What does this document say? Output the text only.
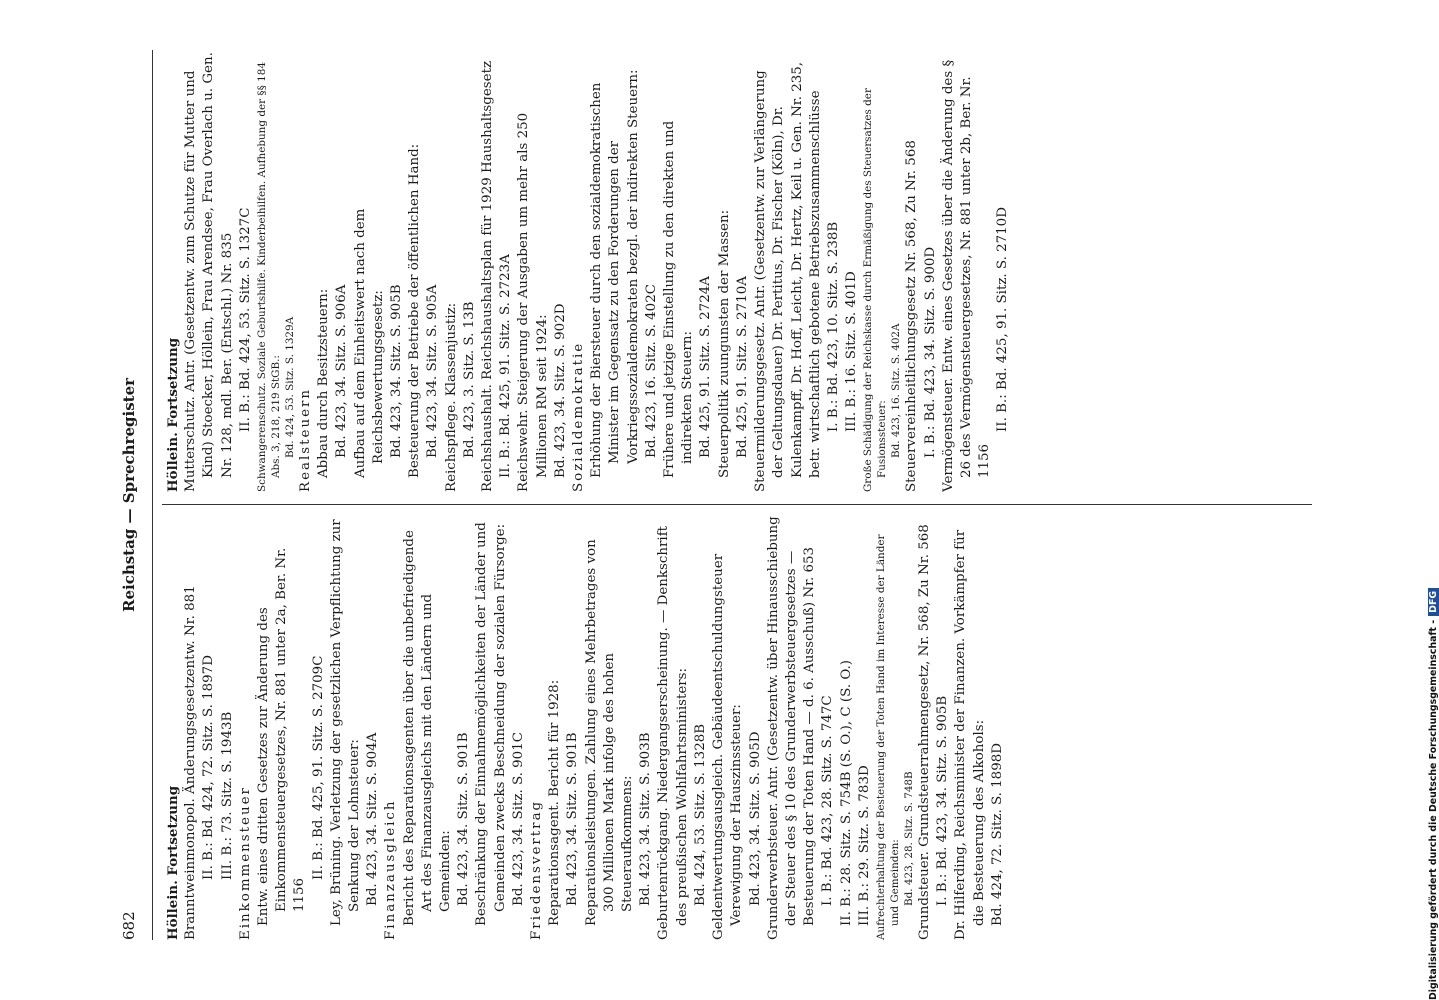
682
Reichstag — Sprechregister
Höllein. Fortsetzung Branntweinmonopol. Änderungsgesetzentw. Nr. 881 II. B.: Bd. 424, 72. Sitz. S. 1897D III. B.: 73. Sitz. S. 1943B Einkommensteuer Entw. eines dritten Gesetzes zur Änderung des Einkommensteuergesetzes, Nr. 881 unter 2a, Ber. Nr. 1156
II. B.: Bd. 425, 91. Sitz. S. 2709C Ley, Brüning. Verletzung der gesetzlichen Verpflichtung zur Senkung der Lohnsteuer: Bd. 423, 34. Sitz. S. 904A Finanzausgleich Bericht des Reparationsagenten über die unbefriedigende Art des Finanzausgleichs mit den Ländern und Gemeinden: Bd. 423, 34. Sitz. S. 901B Beschränkung der Einnahmemöglichkeiten der Länder und Gemeinden zwecks Beschneidung der sozialen Fürsorge: Bd. 423, 34. Sitz. S. 901C Friedensvertrag Reparationsagent. Bericht für 1928: Bd. 423, 34. Sitz. S. 901B Reparationsleistungen. Zahlung eines Mehrbetrages von 300 Millionen Mark infolge des hohen Steueraufkommens: Bd. 423, 34. Sitz. S. 903B Geburtenrückgang. Niedergangserscheinung. — Denkschrift des preußischen Wohlfahrtsministers: Bd. 424, 53. Sitz. S. 1328B Geldentwertungsausgleich. Gebäudeentschuldungsteuer Verewigung der Hauszinssteuer: Bd. 423, 34. Sitz. S. 905D Grunderwerbsteuer. Antr. (Gesetzentw. über Hinausschiebung der Steuer des § 10 des Grunderwerbsteuergesetzes — Besteuerung der Toten Hand — d. 6. Ausschuß) Nr. 653 I. B.: Bd. 423, 28. Sitz. S. 747C II. B.: 28. Sitz. S. 754B (S. O.), C (S. O.) III. B.: 29. Sitz. S. 783D Aufrechterhaltung der Besteuerung der Toten Hand im Interesse der Länder und Gemeinden: Bd. 423, 28. Sitz. S. 748B Grundsteuer. Grundsteuerrahmengesetz, Nr. 568, Zu Nr. 568 I. B.: Bd. 423, 34. Sitz. S. 905B Dr. Hilferding, Reichsminister der Finanzen. Vorkämpfer für die Besteuerung des Alkohols: Bd. 424, 72. Sitz. S. 1898D
Höllein. Fortsetzung Mutterschutz. Antr. (Gesetzentw. zum Schutze für Mutter und Kind) Stoecker, Höllein, Frau Arendsee, Frau Overlach u. Gen. Nr. 128, mdl. Ber. (Entschl.) Nr. 835 II. B.: Bd. 424, 53. Sitz. S. 1327C Schwangerenschutz. Soziale Geburtshilfe. Kinderbeihilfen. Aufhebung der §§ 184 Abs. 3, 218, 219 StGB.: Bd. 424, 53. Sitz. S. 1329A Realsteuern Abbau durch Besitzsteuern: Bd. 423, 34. Sitz. S. 906A Aufbau auf dem Einheitswert nach dem Reichsbewertungsgesetz: Bd. 423, 34. Sitz. S. 905B Besteuerung der Betriebe der öffentlichen Hand: Bd. 423, 34. Sitz. S. 905A Reichspflege. Klassenjustiz: Bd. 423, 3. Sitz. S. 13B Reichshaushalt. Reichshaushaltsplan für 1929 Haushaltsgesetz II. B.: Bd. 425, 91. Sitz. S. 2723A Reichswehr. Steigerung der Ausgaben um mehr als 250 Millionen RM seit 1924: Bd. 423, 34. Sitz. S. 902D Sozialdemokratie Erhöhung der Biersteuer durch den sozialdemokratischen Minister im Gegensatz zu den Forderungen der Vorkriegssozialdemokraten bezgl. der indirekten Steuern: Bd. 423, 16. Sitz. S. 402C Frühere und jetzige Einstellung zu den direkten und indirekten Steuern: Bd. 425, 91. Sitz. S. 2724A Steuerpolitik zuungunsten der Massen: Bd. 425, 91. Sitz. S. 2710A Steuermilderungsgesetz. Antr. (Gesetzentw. zur Verlängerung der Geltungsdauer) Dr. Pertitus, Dr. Fischer (Köln), Dr. Kulenkampff, Dr. Hoff, Leicht, Dr. Hertz, Keil u. Gen. Nr. 235, betr. wirtschaftlich gebotene Betriebszusammenschlüsse I. B.: Bd. 423, 10. Sitz. S. 238B III. B.: 16. Sitz. S. 401D Große Schädigung der Reichskasse durch Ermäßigung des Steuersatzes der Fusionssteuer: Bd. 423, 16. Sitz. S. 402A Steuervereinheitlichungsgesetz Nr. 568, Zu Nr. 568 I. B.: Bd. 423, 34. Sitz. S. 900D Vermögensteuer. Entw. eines Gesetzes über die Änderung des § 26 des Vermögensteuergesetzes, Nr. 881 unter 2b, Ber. Nr. 1156
II. B.: Bd. 425, 91. Sitz. S. 2710D
Digitalisierung gefördert durch die Deutsche Forschungsgemeinschaft -DFG
